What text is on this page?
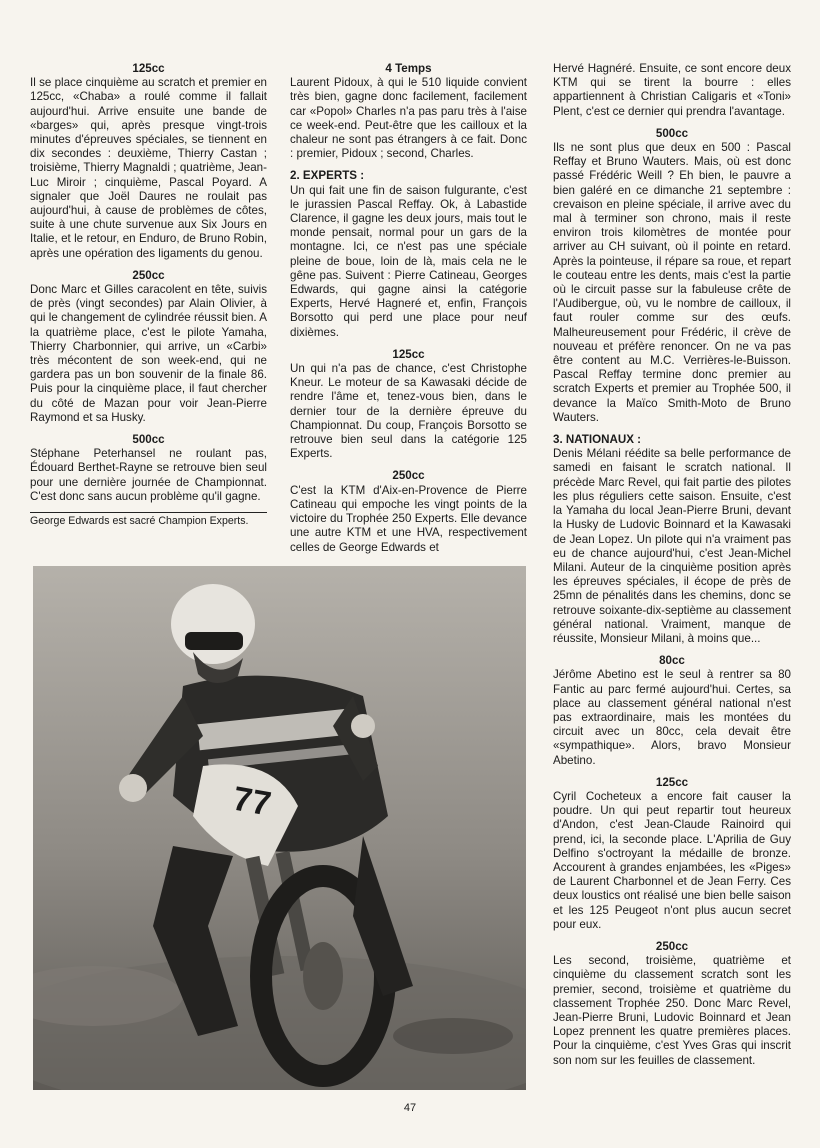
125cc

Il se place cinquième au scratch et premier en 125cc, «Chaba» a roulé comme il fallait aujourd'hui. Arrive ensuite une bande de «barges» qui, après presque vingt-trois minutes d'épreuves spéciales, se tiennent en dix secondes : deuxième, Thierry Castan ; troisième, Thierry Magnaldi ; quatrième, Jean-Luc Miroir ; cinquième, Pascal Poyard. A signaler que Joël Daures ne roulait pas aujourd'hui, à cause de problèmes de côtes, suite à une chute survenue aux Six Jours en Italie, et le retour, en Enduro, de Bruno Robin, après une opération des ligaments du genou.

250cc

Donc Marc et Gilles caracolent en tête, suivis de près (vingt secondes) par Alain Olivier, à qui le changement de cylindrée réussit bien. A la quatrième place, c'est le pilote Yamaha, Thierry Charbonnier, qui arrive, un «Carbi» très mécontent de son week-end, qui ne gardera pas un bon souvenir de la finale 86. Puis pour la cinquième place, il faut chercher du côté de Mazan pour voir Jean-Pierre Raymond et sa Husky.

500cc

Stéphane Peterhansel ne roulant pas, Édouard Berthet-Rayne se retrouve bien seul pour une dernière journée de Championnat. C'est donc sans aucun problème qu'il gagne.

George Edwards est sacré Champion Experts.

4 Temps

Laurent Pidoux, à qui le 510 liquide convient très bien, gagne donc facilement, facilement car «Popol» Charles n'a pas paru très à l'aise ce week-end. Peut-être que les cailloux et la chaleur ne sont pas étrangers à ce fait. Donc : premier, Pidoux ; second, Charles.

2. EXPERTS :

Un qui fait une fin de saison fulgurante, c'est le jurassien Pascal Reffay. Ok, à Labastide Clarence, il gagne les deux jours, mais tout le monde pensait, normal pour un gars de la montagne. Ici, ce n'est pas une spéciale pleine de boue, loin de là, mais cela ne le gêne pas. Suivent : Pierre Catineau, Georges Edwards, qui gagne ainsi la catégorie Experts, Hervé Hagneré et, enfin, François Borsotto qui perd une place pour neuf dixièmes.

125cc

Un qui n'a pas de chance, c'est Christophe Kneur. Le moteur de sa Kawasaki décide de rendre l'âme et, tenez-vous bien, dans le dernier tour de la dernière épreuve du Championnat. Du coup, François Borsotto se retrouve bien seul dans la catégorie 125 Experts.

250cc

C'est la KTM d'Aix-en-Provence de Pierre Catineau qui empoche les vingt points de la victoire du Trophée 250 Experts. Elle devance une autre KTM et une HVA, respectivement celles de George Edwards et

Hervé Hagnéré. Ensuite, ce sont encore deux KTM qui se tirent la bourre : elles appartiennent à Christian Caligaris et «Toni» Plent, c'est ce dernier qui prendra l'avantage.

500cc

Ils ne sont plus que deux en 500 : Pascal Reffay et Bruno Wauters. Mais, où est donc passé Frédéric Weill ? Eh bien, le pauvre a bien galéré en ce dimanche 21 septembre : crevaison en pleine spéciale, il arrive avec du mal à terminer son chrono, mais il reste environ trois kilomètres de montée pour arriver au CH suivant, où il pointe en retard. Après la pointeuse, il répare sa roue, et repart le couteau entre les dents, mais c'est la partie où le circuit passe sur la fabuleuse crête de l'Audibergue, où, vu le nombre de cailloux, il faut rouler comme sur des œufs. Malheureusement pour Frédéric, il crève de nouveau et préfère renoncer. On ne va pas être content au M.C. Verrières-le-Buisson. Pascal Reffay termine donc premier au scratch Experts et premier au Trophée 500, il devance la Maïco Smith-Moto de Bruno Wauters.

3. NATIONAUX :

Denis Mélani réédite sa belle performance de samedi en faisant le scratch national. Il précède Marc Revel, qui fait partie des pilotes les plus réguliers cette saison. Ensuite, c'est la Yamaha du local Jean-Pierre Bruni, devant la Husky de Ludovic Boinnard et la Kawasaki de Jean Lopez. Un pilote qui n'a vraiment pas eu de chance aujourd'hui, c'est Jean-Michel Milani. Auteur de la cinquième position après les épreuves spéciales, il écope de près de 25mn de pénalités dans les chemins, donc se retrouve soixante-dix-septième au classement général national. Vraiment, manque de réussite, Monsieur Milani, à moins que...

80cc

Jérôme Abetino est le seul à rentrer sa 80 Fantic au parc fermé aujourd'hui. Certes, sa place au classement général national n'est pas extraordinaire, mais les montées du circuit avec un 80cc, cela devait être «sympathique». Alors, bravo Monsieur Abetino.

125cc

Cyril Cocheteux a encore fait causer la poudre. Un qui peut repartir tout heureux d'Andon, c'est Jean-Claude Rainoird qui prend, ici, la seconde place. L'Aprilia de Guy Delfino s'octroyant la médaille de bronze. Accourent à grandes enjambées, les «Piges» de Laurent Charbonnel et de Jean Ferry. Ces deux loustics ont réalisé une bien belle saison et les 125 Peugeot n'ont plus aucun secret pour eux.

250cc

Les second, troisième, quatrième et cinquième du classement scratch sont les premier, second, troisième et quatrième du classement Trophée 250. Donc Marc Revel, Jean-Pierre Bruni, Ludovic Boinnard et Jean Lopez prennent les quatre premières places. Pour la cinquième, c'est Yves Gras qui inscrit son nom sur les feuilles de classement.

77
47
